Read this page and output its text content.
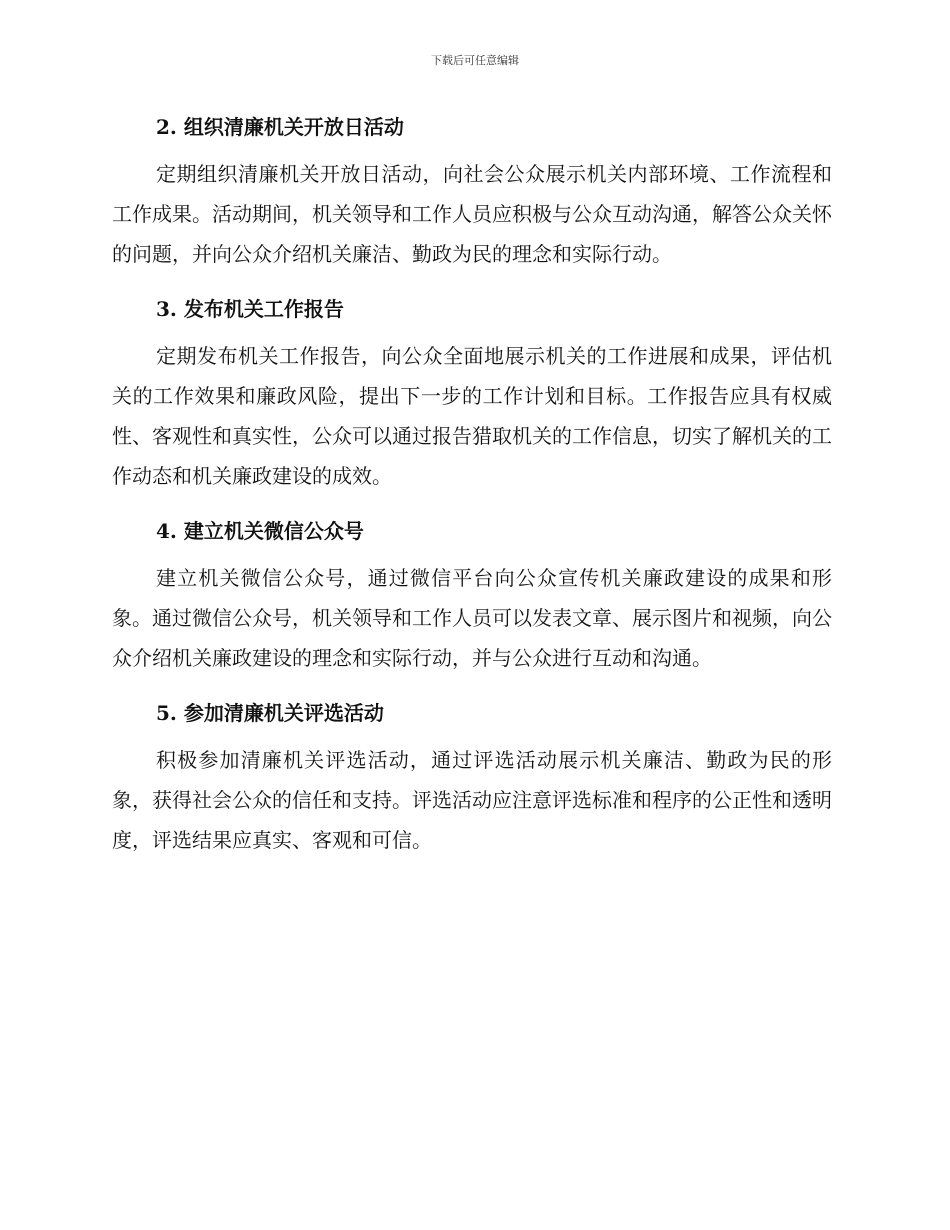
下载后可任意编辑
2. 组织清廉机关开放日活动

定期组织清廉机关开放日活动，向社会公众展示机关内部环境、工作流程和工作成果。活动期间，机关领导和工作人员应积极与公众互动沟通，解答公众关怀的问题，并向公众介绍机关廉洁、勤政为民的理念和实际行动。

3. 发布机关工作报告

定期发布机关工作报告，向公众全面地展示机关的工作进展和成果，评估机关的工作效果和廉政风险，提出下一步的工作计划和目标。工作报告应具有权威性、客观性和真实性，公众可以通过报告猎取机关的工作信息，切实了解机关的工作动态和机关廉政建设的成效。

4. 建立机关微信公众号

建立机关微信公众号，通过微信平台向公众宣传机关廉政建设的成果和形象。通过微信公众号，机关领导和工作人员可以发表文章、展示图片和视频，向公众介绍机关廉政建设的理念和实际行动，并与公众进行互动和沟通。

5. 参加清廉机关评选活动

积极参加清廉机关评选活动，通过评选活动展示机关廉洁、勤政为民的形象，获得社会公众的信任和支持。评选活动应注意评选标准和程序的公正性和透明度，评选结果应真实、客观和可信。
